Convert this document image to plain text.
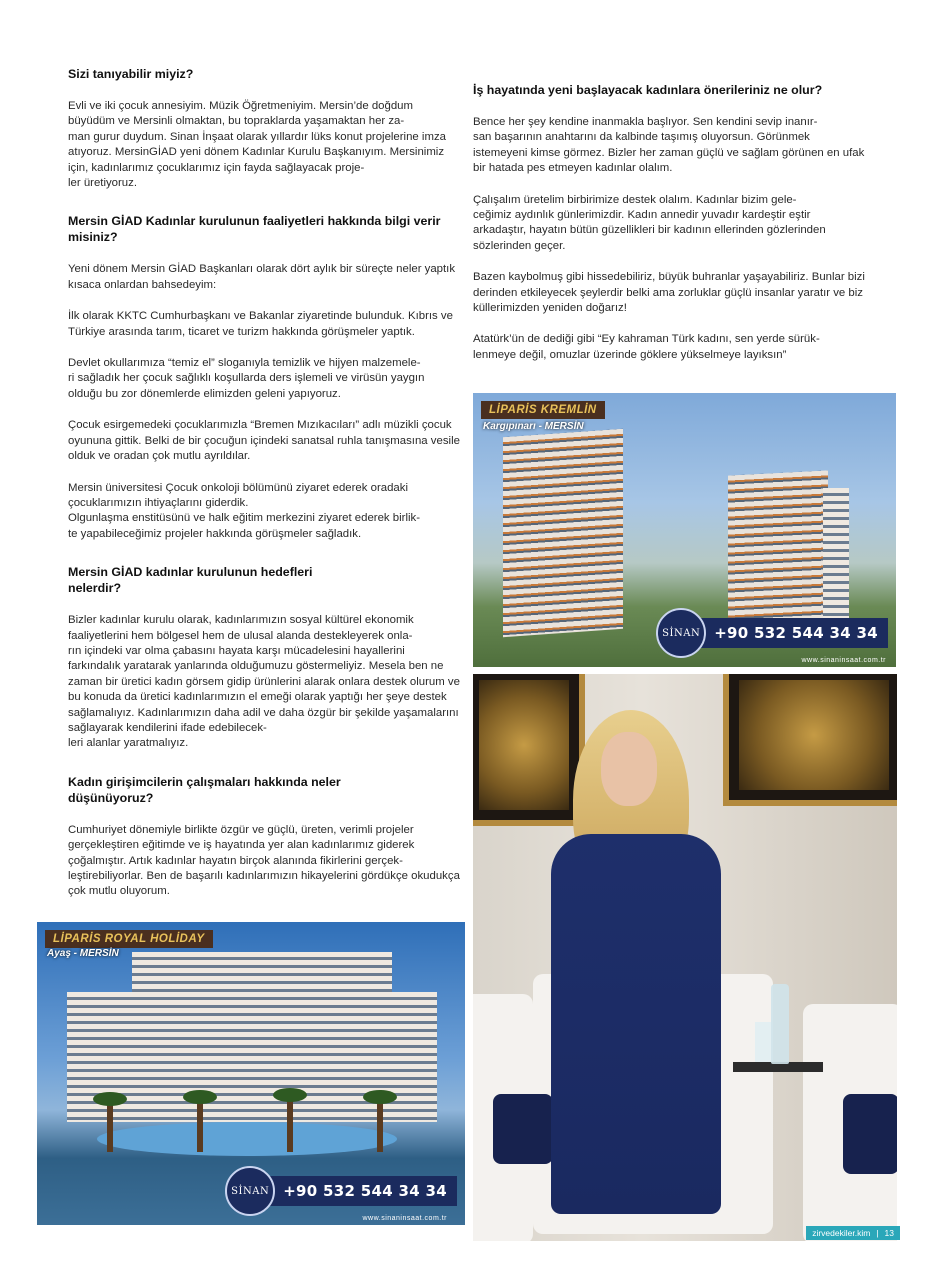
Sizi tanıyabilir miyiz?
Evli ve iki çocuk annesiyim. Müzik Öğretmeniyim. Mersin’de doğdum büyüdüm ve Mersinli olmaktan, bu topraklarda yaşamaktan her za-
man gurur duydum. Sinan İnşaat olarak yıllardır lüks konut projelerine imza atıyoruz. MersinGİAD yeni dönem Kadınlar Kurulu Başkanıyım. Mersinimiz için, kadınlarımız çocuklarımız için fayda sağlayacak proje-
ler üretiyoruz.
Mersin GİAD Kadınlar kurulunun faaliyetleri hakkında bilgi verir misiniz?
Yeni dönem Mersin GİAD Başkanları olarak dört aylık bir süreçte neler yaptık kısaca onlardan bahsedeyim:
İlk olarak KKTC Cumhurbaşkanı ve Bakanlar ziyaretinde bulunduk. Kıbrıs ve Türkiye arasında tarım, ticaret ve turizm hakkında görüşmeler yaptık.
Devlet okullarımıza “temiz el” sloganıyla temizlik ve hijyen malzemele-
ri sağladık her çocuk sağlıklı koşullarda ders işlemeli ve virüsün yaygın olduğu bu zor dönemlerde elimizden geleni yapıyoruz.
Çocuk esirgemedeki çocuklarımızla “Bremen Mızıkacıları” adlı müzikli çocuk oyununa gittik. Belki de bir çocuğun içindeki sanatsal ruhla tanışmasına vesile olduk ve oradan çok mutlu ayrıldılar.
Mersin üniversitesi Çocuk onkoloji bölümünü ziyaret ederek oradaki çocuklarımızın ihtiyaçlarını giderdik.
Olgunlaşma enstitüsünü ve halk eğitim merkezini ziyaret ederek birlik-
te yapabileceğimiz projeler hakkında görüşmeler sağladık.
Mersin GİAD kadınlar kurulunun hedefleri nelerdir?
Bizler kadınlar kurulu olarak, kadınlarımızın sosyal kültürel ekonomik faaliyetlerini hem bölgesel hem de ulusal alanda destekleyerek onla-
rın içindeki var olma çabasını hayata karşı mücadelesini hayallerini farkındalık yaratarak yanlarında olduğumuzu göstermeliyiz. Mesela ben ne zaman bir üretici kadın görsem gidip ürünlerini alarak onlara destek olurum ve bu konuda da üretici kadınlarımızın el emeği olarak yaptığı her şeye destek sağlamalıyız. Kadınlarımızın daha adil ve daha özgür bir şekilde yaşamalarını sağlayarak kendilerini ifade edebilecek-
leri alanlar yaratmalıyız.
Kadın girişimcilerin çalışmaları hakkında neler düşünüyoruz?
Cumhuriyet dönemiyle birlikte özgür ve güçlü, üreten, verimli projeler gerçekleştiren eğitimde ve iş hayatında yer alan kadınlarımız giderek çoğalmıştır. Artık kadınlar hayatın birçok alanında fikirlerini gerçek-
leştirebiliyorlar. Ben de başarılı kadınlarımızın hikayelerini gördükçe okudukça çok mutlu oluyorum.
İş hayatında yeni başlayacak kadınlara önerileriniz ne olur?
Bence her şey kendine inanmakla başlıyor. Sen kendini sevip inanır-
san başarının anahtarını da kalbinde taşımış oluyorsun. Görünmek istemeyeni kimse görmez. Bizler her zaman güçlü ve sağlam görünen en ufak bir hatada pes etmeyen kadınlar olalım.
Çalışalım üretelim birbirimize destek olalım. Kadınlar bizim gele-
ceğimiz aydınlık günlerimizdir. Kadın annedir yuvadır kardeştir eştir arkadaştır, hayatın bütün güzellikleri bir kadının ellerinden gözlerinden sözlerinden geçer.
Bazen kaybolmuş gibi hissedebiliriz, büyük buhranlar yaşayabiliriz. Bunlar bizi derinden etkileyecek şeylerdir belki ama zorluklar güçlü insanlar yaratır ve biz küllerimizden yeniden doğarız!
Atatürk’ün de dediği gibi “Ey kahraman Türk kadını, sen yerde sürük-
lenmeye değil, omuzlar üzerinde göklere yükselmeye layıksın”
LİPARİS KREMLİN
Kargıpınarı - MERSİN
SİNAN +90 532 544 34 34
www.sinaninsaat.com.tr
LİPARİS ROYAL HOLİDAY
Ayaş - MERSİN
SİNAN +90 532 544 34 34
www.sinaninsaat.com.tr
zirvedekiler.kim | 13
